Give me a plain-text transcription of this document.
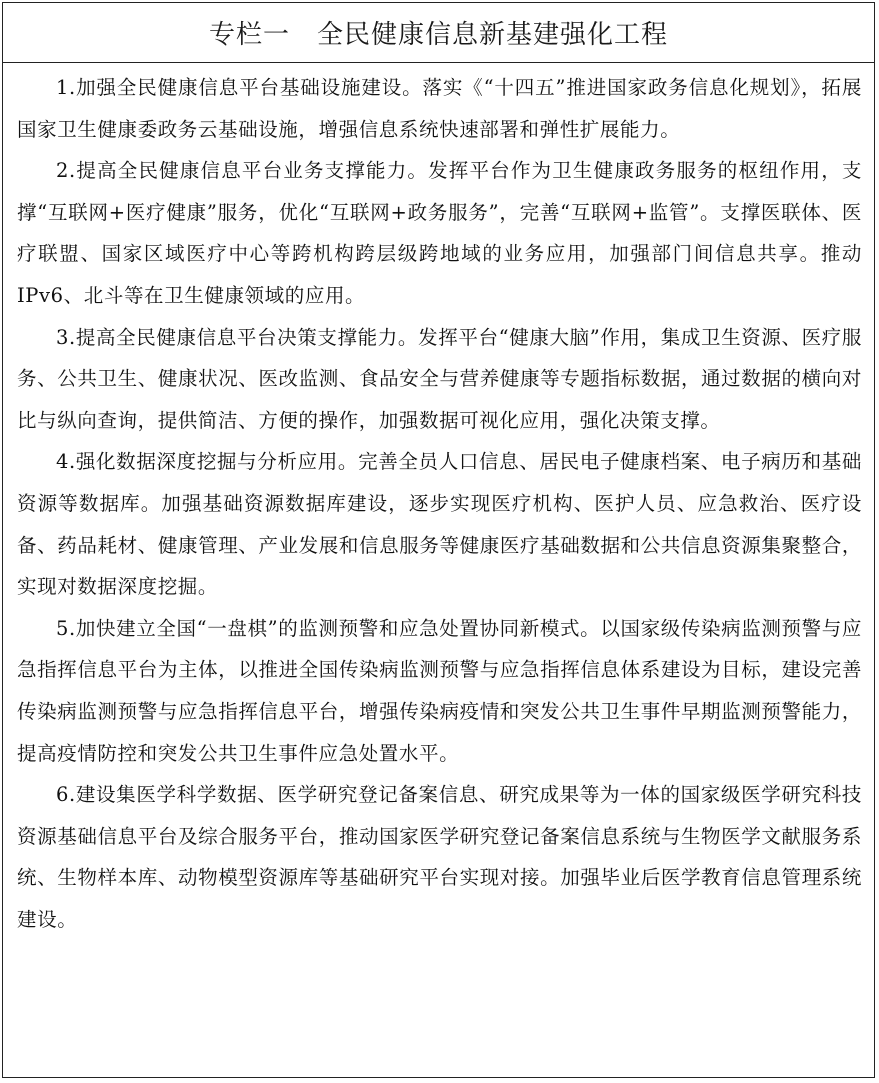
专栏一　全民健康信息新基建强化工程

1.加强全民健康信息平台基础设施建设。落实《“十四五”推进国家政务信息化规划》，拓展国家卫生健康委政务云基础设施，增强信息系统快速部署和弹性扩展能力。

2.提高全民健康信息平台业务支撑能力。发挥平台作为卫生健康政务服务的枢纽作用，支撑“互联网+医疗健康”服务，优化“互联网+政务服务”，完善“互联网+监管”。支撑医联体、医疗联盟、国家区域医疗中心等跨机构跨层级跨地域的业务应用，加强部门间信息共享。推动IPv6、北斗等在卫生健康领域的应用。

3.提高全民健康信息平台决策支撑能力。发挥平台“健康大脑”作用，集成卫生资源、医疗服务、公共卫生、健康状况、医改监测、食品安全与营养健康等专题指标数据，通过数据的横向对比与纵向查询，提供简洁、方便的操作，加强数据可视化应用，强化决策支撑。

4.强化数据深度挖掘与分析应用。完善全员人口信息、居民电子健康档案、电子病历和基础资源等数据库。加强基础资源数据库建设，逐步实现医疗机构、医护人员、应急救治、医疗设备、药品耗材、健康管理、产业发展和信息服务等健康医疗基础数据和公共信息资源集聚整合，实现对数据深度挖掘。

5.加快建立全国“一盘棋”的监测预警和应急处置协同新模式。以国家级传染病监测预警与应急指挥信息平台为主体，以推进全国传染病监测预警与应急指挥信息体系建设为目标，建设完善传染病监测预警与应急指挥信息平台，增强传染病疫情和突发公共卫生事件早期监测预警能力，提高疫情防控和突发公共卫生事件应急处置水平。

6.建设集医学科学数据、医学研究登记备案信息、研究成果等为一体的国家级医学研究科技资源基础信息平台及综合服务平台，推动国家医学研究登记备案信息系统与生物医学文献服务系统、生物样本库、动物模型资源库等基础研究平台实现对接。加强毕业后医学教育信息管理系统建设。
